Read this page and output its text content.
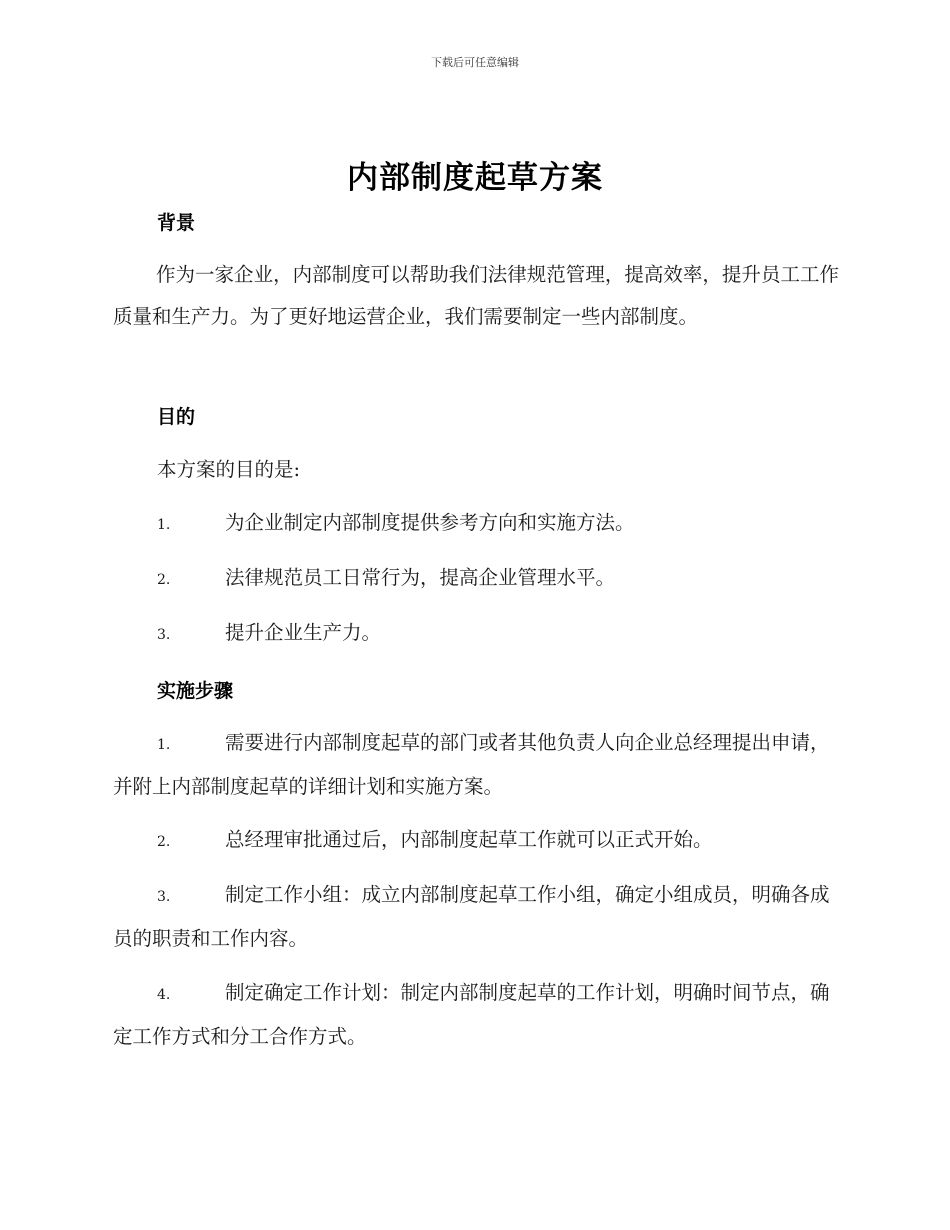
下载后可任意编辑
内部制度起草方案
背景

作为一家企业，内部制度可以帮助我们法律规范管理，提高效率，提升员工工作质量和生产力。为了更好地运营企业，我们需要制定一些内部制度。

目的
本方案的目的是:

1.	为企业制定内部制度提供参考方向和实施方法。

2.	法律规范员工日常行为，提高企业管理水平。

3.	提升企业生产力。

实施步骤

1.	需要进行内部制度起草的部门或者其他负责人向企业总经理提出申请，并附上内部制度起草的详细计划和实施方案。

2.	总经理审批通过后，内部制度起草工作就可以正式开始。

3.	制定工作小组：成立内部制度起草工作小组，确定小组成员，明确各成员的职责和工作内容。

4.	制定确定工作计划：制定内部制度起草的工作计划，明确时间节点，确定工作方式和分工合作方式。
